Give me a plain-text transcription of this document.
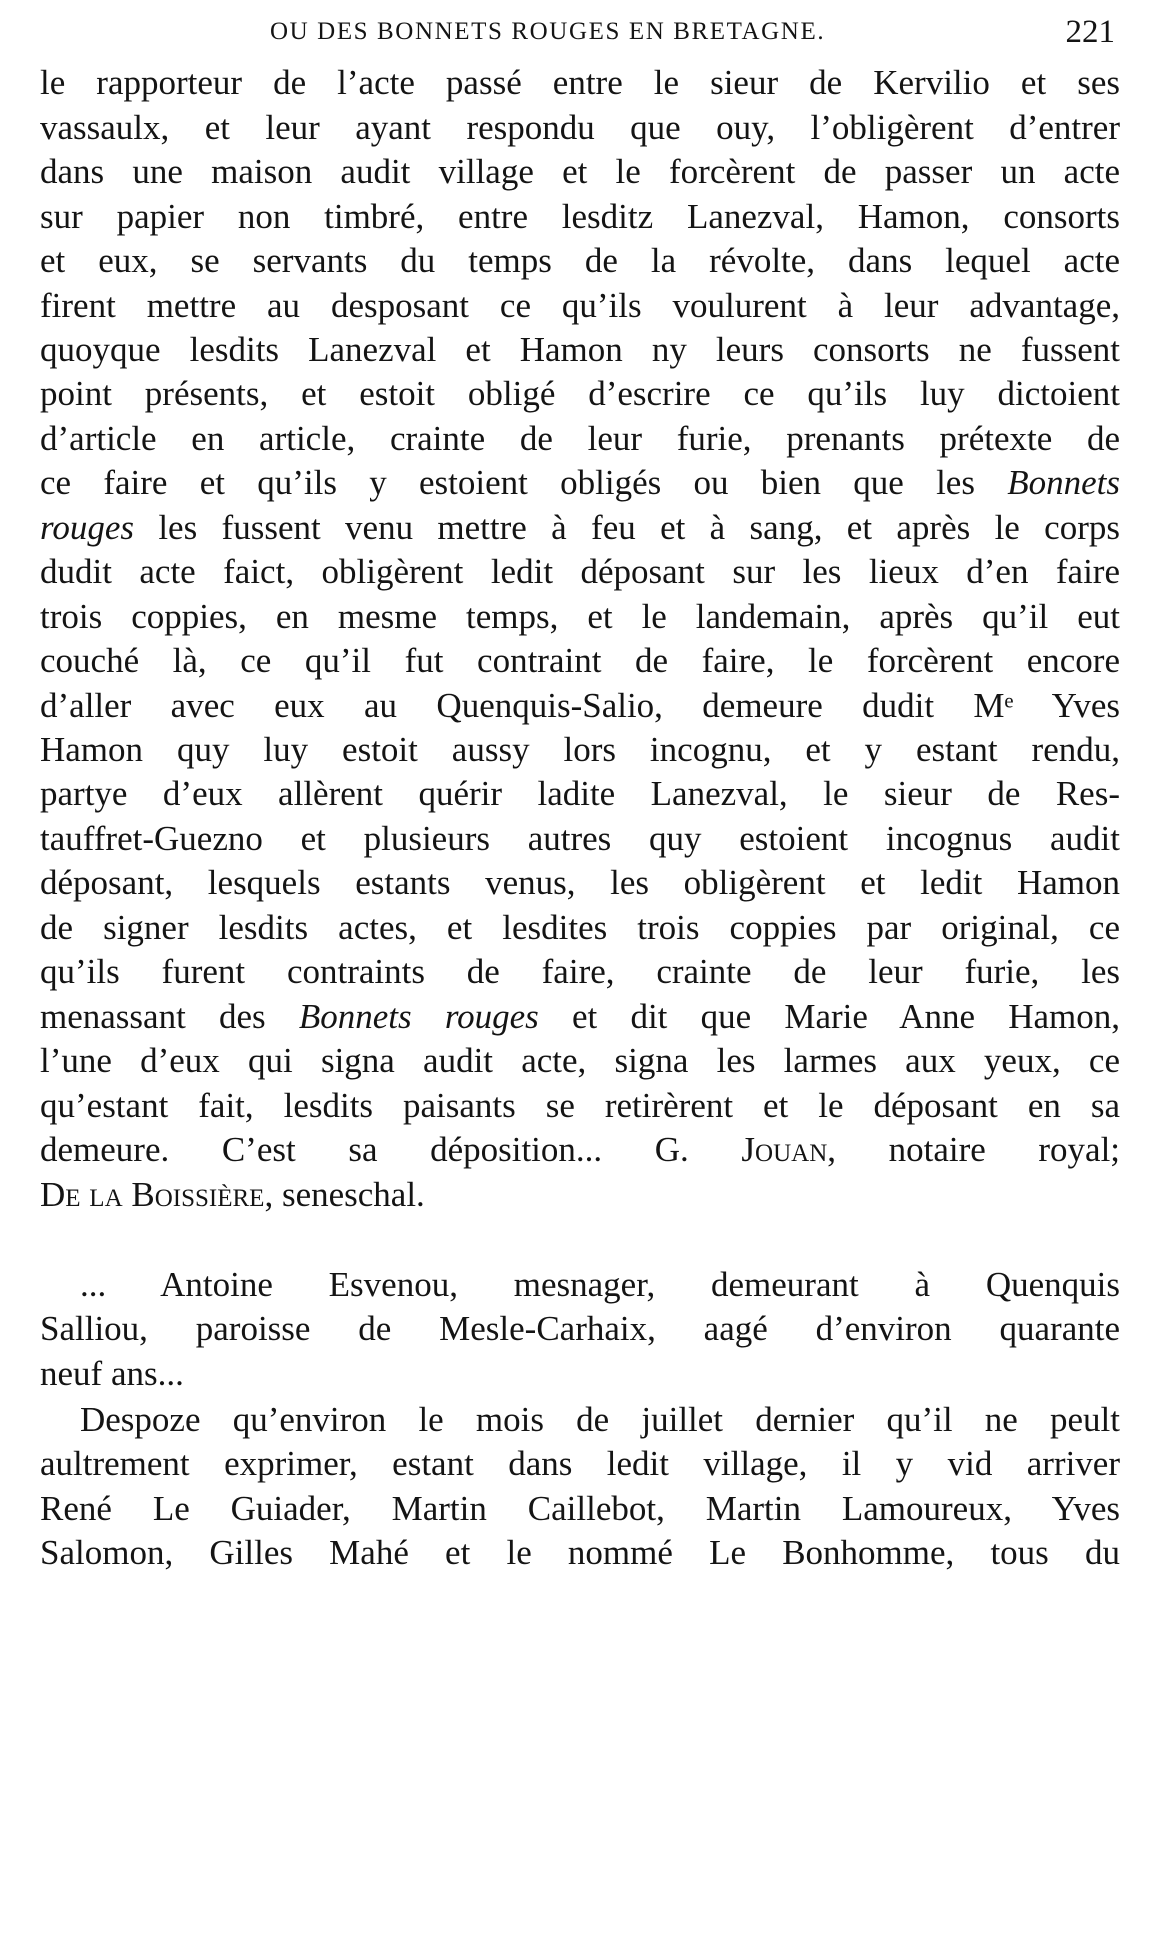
OU DES BONNETS ROUGES EN BRETAGNE.	221
le rapporteur de l’acte passé entre le sieur de Kervilio et ses
vassaulx, et leur ayant respondu que ouy, l’obligèrent d’entrer
dans une maison audit village et le forcèrent de passer un acte
sur papier non timbré, entre lesditz Lanezval, Hamon, consorts
et eux, se servants du temps de la révolte, dans lequel acte
firent mettre au desposant ce qu’ils voulurent à leur advantage,
quoyque lesdits Lanezval et Hamon ny leurs consorts ne fussent
point présents, et estoit obligé d’escrire ce qu’ils luy dictoient
d’article en article, crainte de leur furie, prenants prétexte de
ce faire et qu’ils y estoient obligés ou bien que les Bonnets
rouges les fussent venu mettre à feu et à sang, et après le corps
dudit acte faict, obligèrent ledit déposant sur les lieux d’en faire
trois coppies, en mesme temps, et le landemain, après qu’il eut
couché là, ce qu’il fut contraint de faire, le forcèrent encore
d’aller avec eux au Quenquis-Salio, demeure dudit Mᵉ Yves
Hamon quy luy estoit aussy lors incognu, et y estant rendu,
partye d’eux allèrent quérir ladite Lanezval, le sieur de Res-
tauffret-Guezno et plusieurs autres quy estoient incognus audit
déposant, lesquels estants venus, les obligèrent et ledit Hamon
de signer lesdits actes, et lesdites trois coppies par original, ce
qu’ils furent contraints de faire, crainte de leur furie, les
menassant des Bonnets rouges et dit que Marie Anne Hamon,
l’une d’eux qui signa audit acte, signa les larmes aux yeux, ce
qu’estant fait, lesdits paisants se retirèrent et le déposant en sa
demeure. C’est sa déposition... G. Jouan, notaire royal;
De la Boissière, seneschal.
... Antoine Esvenou, mesnager, demeurant à Quenquis
Salliou, paroisse de Mesle-Carhaix, aagé d’environ quarante
neuf ans...
Despoze qu’environ le mois de juillet dernier qu’il ne peult
aultrement exprimer, estant dans ledit village, il y vid arriver
René Le Guiader, Martin Caillebot, Martin Lamoureux, Yves
Salomon, Gilles Mahé et le nommé Le Bonhomme, tous du
